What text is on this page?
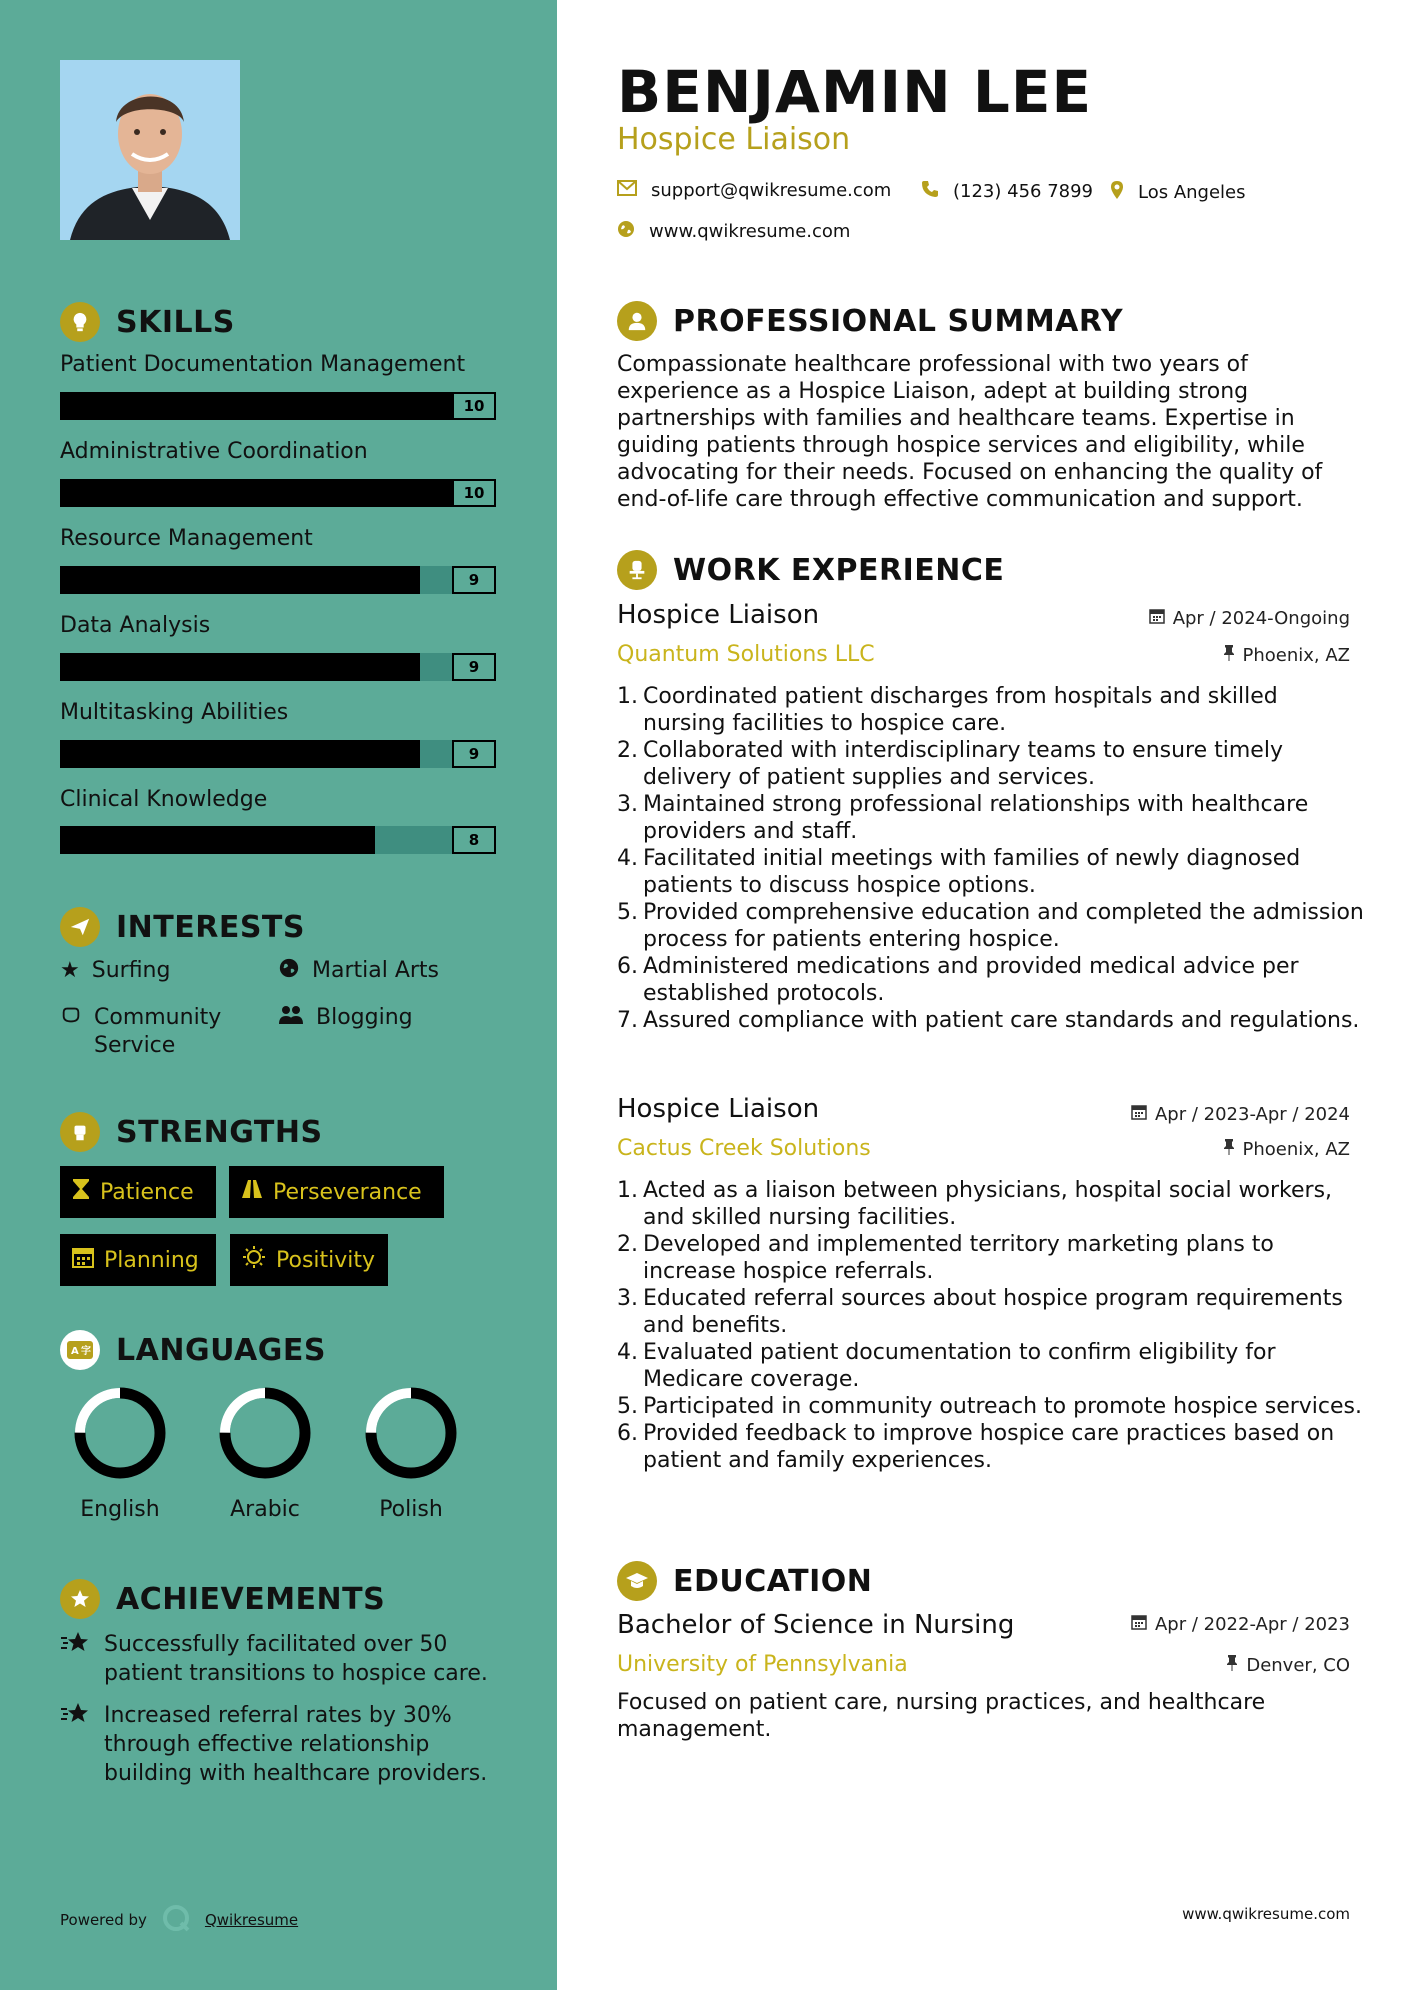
SKILLS
Patient Documentation Management
10
Administrative Coordination
10
Resource Management
9
Data Analysis
9
Multitasking Abilities
9
Clinical Knowledge
8
INTERESTS
★ Surfing	Martial Arts
Community Service
Blogging
STRENGTHS
Patience	Perseverance
Planning	Positivity
A 字 LANGUAGES
English	Arabic	Polish
ACHIEVEMENTS
Successfully facilitated over 50 patient transitions to hospice care.
Increased referral rates by 30% through effective relationship building with healthcare providers.
Powered by	Qwikresume
BENJAMIN LEE
Hospice Liaison
support@qwikresume.com	(123) 456 7899 Los Angeles
www.qwikresume.com
PROFESSIONAL SUMMARY
Compassionate healthcare professional with two years of experience as a Hospice Liaison, adept at building strong partnerships with families and healthcare teams. Expertise in guiding patients through hospice services and eligibility, while advocating for their needs. Focused on enhancing the quality of end-of-life care through effective communication and support.
WORK EXPERIENCE
Hospice Liaison	Apr / 2024-Ongoing
Quantum Solutions LLC	Phoenix, AZ
1. Coordinated patient discharges from hospitals and skilled nursing facilities to hospice care.
2. Collaborated with interdisciplinary teams to ensure timely delivery of patient supplies and services.
3. Maintained strong professional relationships with healthcare providers and staff.
4. Facilitated initial meetings with families of newly diagnosed patients to discuss hospice options.
5. Provided comprehensive education and completed the admission process for patients entering hospice.
6. Administered medications and provided medical advice per established protocols.
7. Assured compliance with patient care standards and regulations.
Hospice Liaison	Apr / 2023-Apr / 2024
Cactus Creek Solutions	Phoenix, AZ
1. Acted as a liaison between physicians, hospital social workers, and skilled nursing facilities.
2. Developed and implemented territory marketing plans to increase hospice referrals.
3. Educated referral sources about hospice program requirements and benefits.
4. Evaluated patient documentation to confirm eligibility for Medicare coverage.
5. Participated in community outreach to promote hospice services.
6. Provided feedback to improve hospice care practices based on patient and family experiences.
EDUCATION
Bachelor of Science in Nursing	Apr / 2022-Apr / 2023
University of Pennsylvania	Denver, CO
Focused on patient care, nursing practices, and healthcare management.
www.qwikresume.com
